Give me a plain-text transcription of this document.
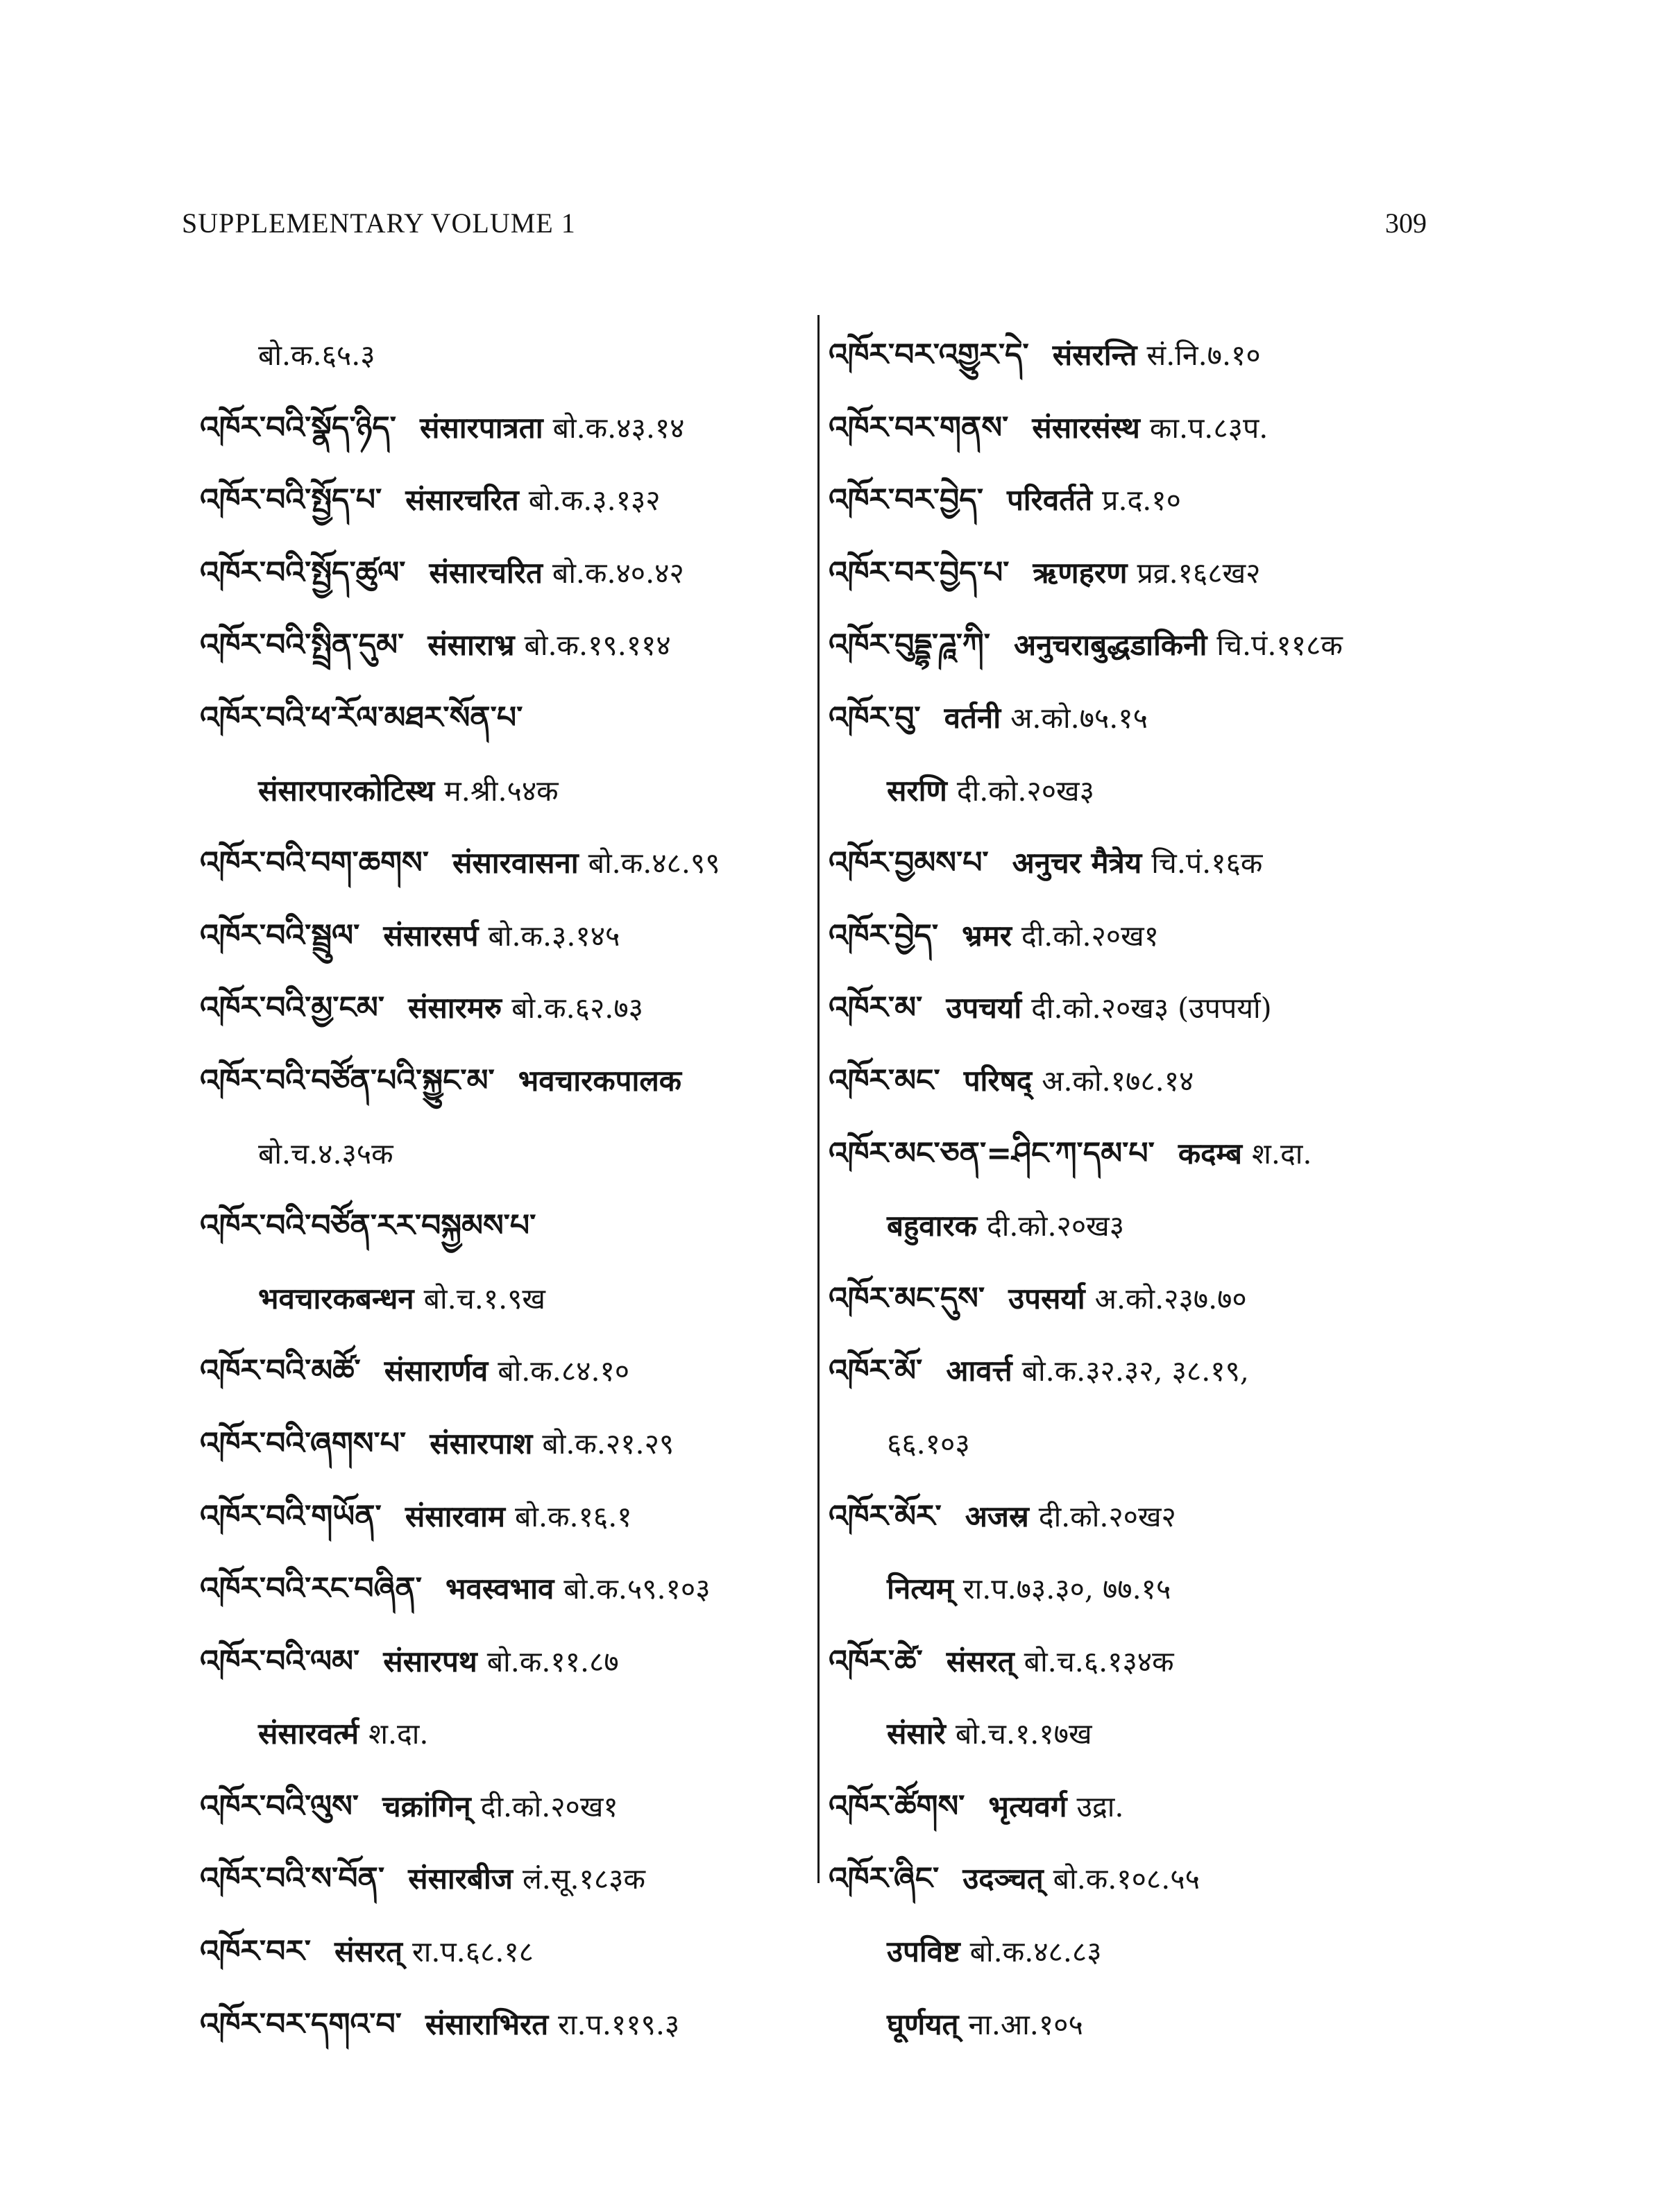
SUPPLEMENTARY VOLUME 1	309
बो.क.६५.३
འཁོར་བའི་སྣོད་ཉིད་ संसारपात्रता बो.क.४३.१४
འཁོར་བའི་སྤྱོད་པ་ संसारचरित बो.क.३.१३२
འཁོར་བའི་སྤྱོད་ཚུལ་ संसारचरित बो.क.४०.४२
འཁོར་བའི་སྤྲིན་དུམ་ संसाराभ्र बो.क.१९.११४
འཁོར་བའི་ཕ་རོལ་མཐར་སོན་པ་
संसारपारकोटिस्थ म.श्री.५४क
འཁོར་བའི་བག་ཆགས་ संसारवासना बो.क.४८.९९
འཁོར་བའི་སྦྲུལ་ संसारसर्प बो.क.३.१४५
འཁོར་བའི་མྱ་ངམ་ संसारमरु बो.क.६२.७३
འཁོར་བའི་བཙོན་པའི་སྐྱུང་མ་ भवचारकपालक
बो.च.४.३५क
འཁོར་བའི་བཙོན་རར་བསྐྱམས་པ་
भवचारकबन्धन बो.च.१.९ख
འཁོར་བའི་མཚོ་ संसारार्णव बो.क.८४.१०
འཁོར་བའི་ཞགས་པ་ संसारपाश बो.क.२१.२९
འཁོར་བའི་གཡོན་ संसारवाम बो.क.१६.१
འཁོར་བའི་རང་བཞིན་ भवस्वभाव बो.क.५९.१०३
འཁོར་བའི་ལམ་ संसारपथ बो.क.११.८७
संसारवर्त्म श.दा.
འཁོར་བའི་ལུས་ चक्रांगिन् दी.को.२०ख१
འཁོར་བའི་ས་བོན་ संसारबीज लं.सू.१८३क
འཁོར་བར་ संसरत् रा.प.६८.१८
འཁོར་བར་དགའ་བ་ संसाराभिरत रा.प.११९.३
འཁོར་བར་འགྱུར་དེ་ संसरन्ति सं.नि.७.१०
འཁོར་བར་གནས་ संसारसंस्थ का.प.८३प.
འཁོར་བར་བྱེད་ परिवर्तते प्र.द.१०
འཁོར་བར་བྱེད་པ་ ऋणहरण प्रव्र.१६८ख२
འཁོར་བུདྡྷ་ཌཱ་ཀི་ अनुचराबुद्धडाकिनी चि.पं.११८क
འཁོར་བུ་ वर्तनी अ.को.७५.१५
सरणि दी.को.२०ख३
འཁོར་བྱམས་པ་ अनुचर मैत्रेय चि.पं.१६क
འཁོར་བྱེད་ भ्रमर दी.को.२०ख१
འཁོར་མ་ उपचर्या दी.को.२०ख३ (उपपर्या)
འཁོར་མང་ परिषद् अ.को.१७८.१४
འཁོར་མང་ཅན་=ཤིང་ཀ་དམ་པ་ कदम्ब श.दा.
बहुवारक दी.को.२०ख३
འཁོར་མང་དུས་ उपसर्या अ.को.२३७.७०
འཁོར་མོ་ आवर्त्त बो.क.३२.३२, ३८.१९,
६६.१०३
འཁོར་མོར་ अजस्र दी.को.२०ख२
नित्यम् रा.प.७३.३०, ७७.१५
འཁོར་ཚེ་ संसरत् बो.च.६.१३४क
संसारे बो.च.१.१७ख
འཁོར་ཚོགས་ भृत्यवर्ग उद्रा.
འཁོར་ཞིང་ उदञ्चत् बो.क.१०८.५५
उपविष्ट बो.क.४८.८३
घूर्णयत् ना.आ.१०५
